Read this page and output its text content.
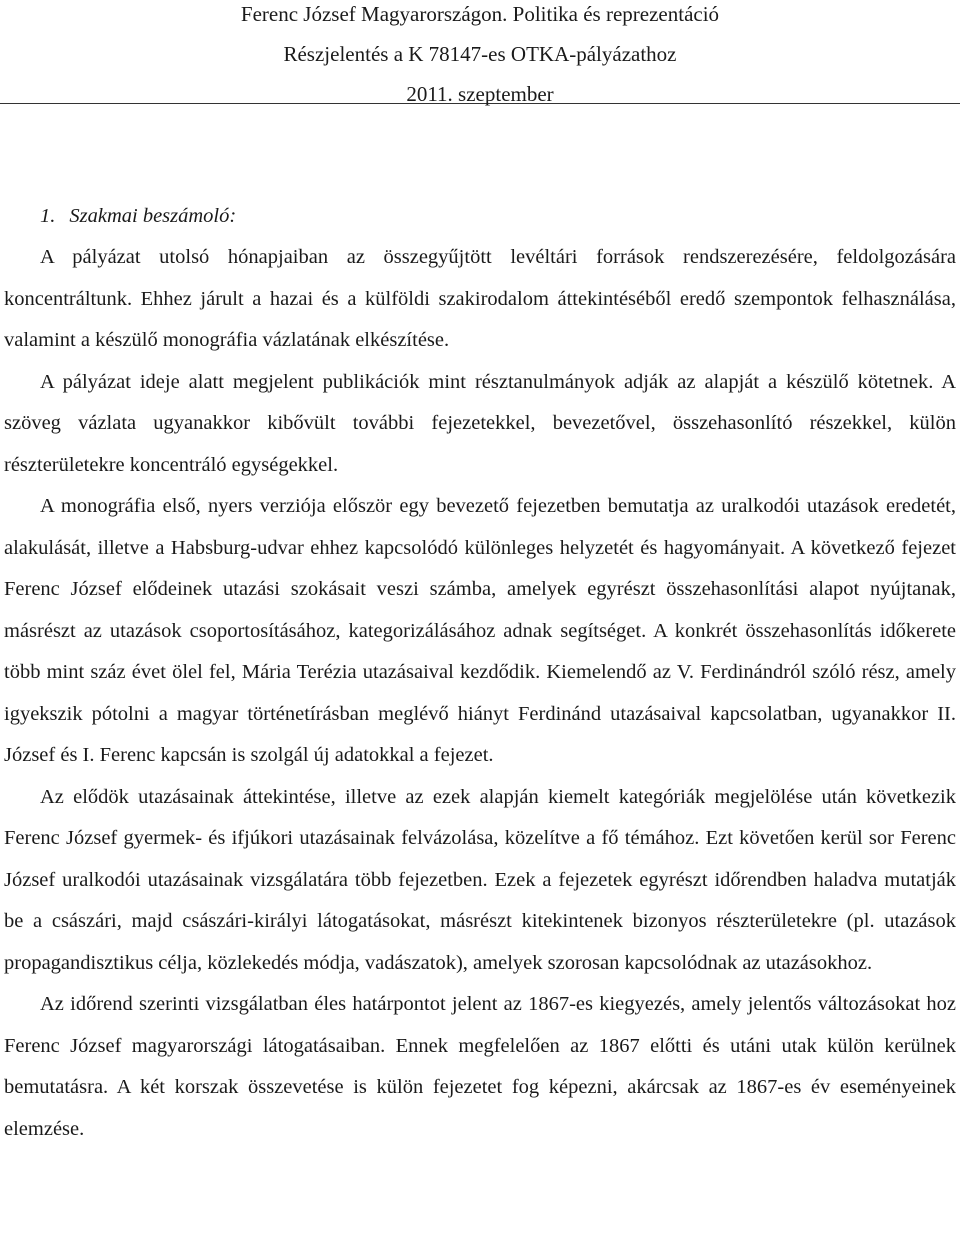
Ferenc József Magyarországon. Politika és reprezentáció
Részjelentés a K 78147-es OTKA-pályázathoz
2011. szeptember
1. Szakmai beszámoló:

A pályázat utolsó hónapjaiban az összegyűjtött levéltári források rendszerezésére, feldolgozására koncentráltunk. Ehhez járult a hazai és a külföldi szakirodalom áttekintéséből eredő szempontok felhasználása, valamint a készülő monográfia vázlatának elkészítése.

A pályázat ideje alatt megjelent publikációk mint résztanulmányok adják az alapját a készülő kötetnek. A szöveg vázlata ugyanakkor kibővült további fejezetekkel, bevezetővel, összehasonlító részekkel, külön részterületekre koncentráló egységekkel.

A monográfia első, nyers verziója először egy bevezető fejezetben bemutatja az uralkodói utazások eredetét, alakulását, illetve a Habsburg-udvar ehhez kapcsolódó különleges helyzetét és hagyományait. A következő fejezet Ferenc József elődeinek utazási szokásait veszi számba, amelyek egyrészt összehasonlítási alapot nyújtanak, másrészt az utazások csoportosításához, kategorizálásához adnak segítséget. A konkrét összehasonlítás időkerete több mint száz évet ölel fel, Mária Terézia utazásaival kezdődik. Kiemelendő az V. Ferdinándról szóló rész, amely igyekszik pótolni a magyar történetírásban meglévő hiányt Ferdinánd utazásaival kapcsolatban, ugyanakkor II. József és I. Ferenc kapcsán is szolgál új adatokkal a fejezet.

Az elődök utazásainak áttekintése, illetve az ezek alapján kiemelt kategóriák megjelölése után következik Ferenc József gyermek- és ifjúkori utazásainak felvázolása, közelítve a fő témához. Ezt követően kerül sor Ferenc József uralkodói utazásainak vizsgálatára több fejezetben. Ezek a fejezetek egyrészt időrendben haladva mutatják be a császári, majd császári-királyi látogatásokat, másrészt kitekintenek bizonyos részterületekre (pl. utazások propagandisztikus célja, közlekedés módja, vadászatok), amelyek szorosan kapcsolódnak az utazásokhoz.

Az időrend szerinti vizsgálatban éles határpontot jelent az 1867-es kiegyezés, amely jelentős változásokat hoz Ferenc József magyarországi látogatásaiban. Ennek megfelelően az 1867 előtti és utáni utak külön kerülnek bemutatásra. A két korszak összevetése is külön fejezetet fog képezni, akárcsak az 1867-es év eseményeinek elemzése.
